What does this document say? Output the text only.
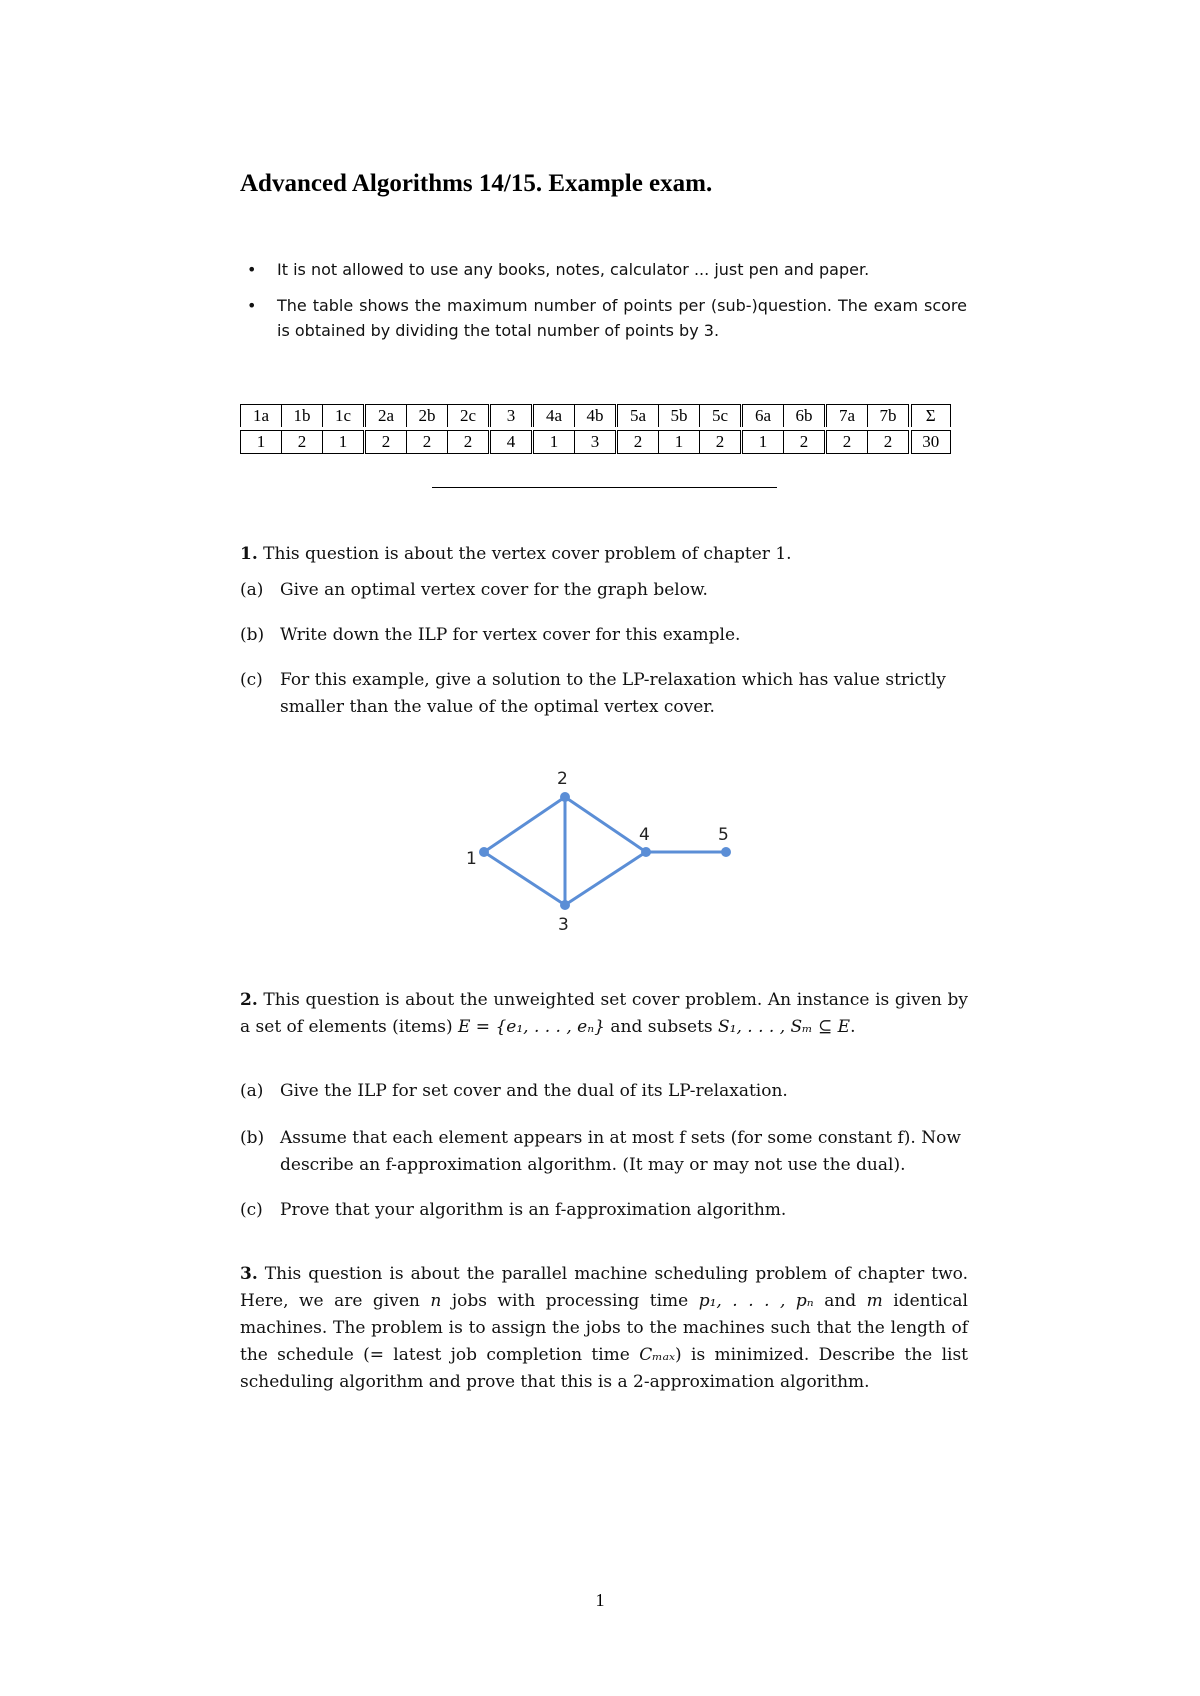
Advanced Algorithms 14/15. Example exam.
• It is not allowed to use any books, notes, calculator ... just pen and paper.
• The table shows the maximum number of points per (sub-)question. The exam score is obtained by dividing the total number of points by 3.
1a	1b	1c	2a	2b	2c	3	4a	4b	5a	5b	5c	6a	6b	7a	7b	Σ

1	2	1	2	2	2	4	1	3	2	1	2	1	2	2	2	30
1. This question is about the vertex cover problem of chapter 1.
(a) Give an optimal vertex cover for the graph below.
(b) Write down the ILP for vertex cover for this example.
(c) For this example, give a solution to the LP-relaxation which has value strictly smaller than the value of the optimal vertex cover.
1
2
3
4	5
2. This question is about the unweighted set cover problem. An instance is given by a set of elements (items) E = {e₁, . . . , eₙ} and subsets S₁, . . . , Sₘ ⊆ E.
(a) Give the ILP for set cover and the dual of its LP-relaxation.
(b) Assume that each element appears in at most f sets (for some constant f). Now describe an f-approximation algorithm. (It may or may not use the dual).
(c) Prove that your algorithm is an f-approximation algorithm.
3. This question is about the parallel machine scheduling problem of chapter two. Here, we are given n jobs with processing time p₁, . . . , pₙ and m identical machines. The problem is to assign the jobs to the machines such that the length of the schedule (= latest job completion time Cₘₐₓ) is minimized. Describe the list scheduling algorithm and prove that this is a 2-approximation algorithm.
1
